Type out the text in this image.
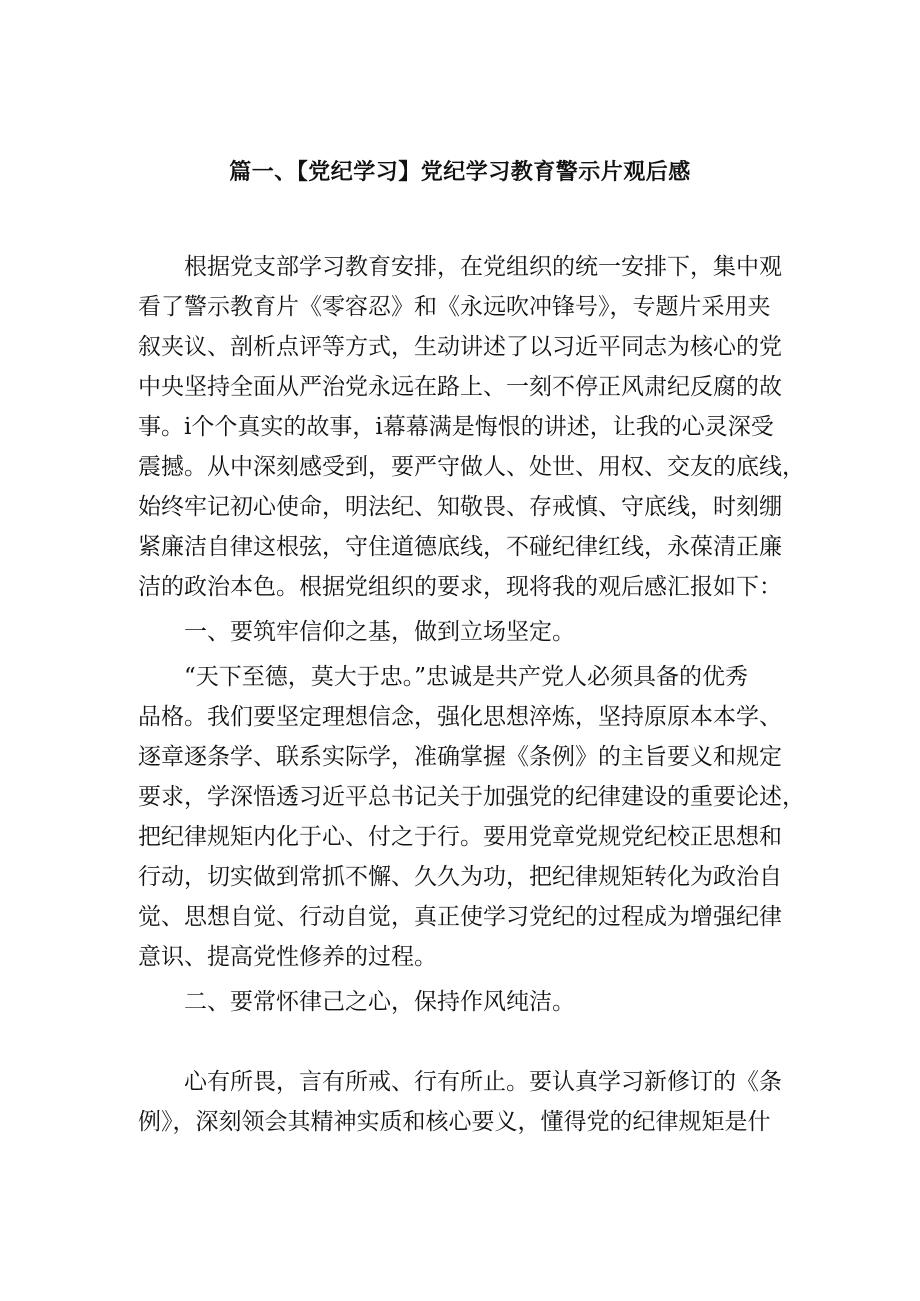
篇一、【党纪学习】党纪学习教育警示片观后感
　　根据党支部学习教育安排，在党组织的统一安排下，集中观
看了警示教育片《零容忍》和《永远吹冲锋号》，专题片采用夹
叙夹议、剖析点评等方式，生动讲述了以习近平同志为核心的党
中央坚持全面从严治党永远在路上、一刻不停正风肃纪反腐的故
事。i个个真实的故事，i幕幕满是悔恨的讲述，让我的心灵深受
震撼。从中深刻感受到，要严守做人、处世、用权、交友的底线，
始终牢记初心使命，明法纪、知敬畏、存戒慎、守底线，时刻绷
紧廉洁自律这根弦，守住道德底线，不碰纪律红线，永葆清正廉
洁的政治本色。根据党组织的要求，现将我的观后感汇报如下：
　　一、要筑牢信仰之基，做到立场坚定。
　　“天下至德，莫大于忠。”忠诚是共产党人必须具备的优秀
品格。我们要坚定理想信念，强化思想淬炼，坚持原原本本学、
逐章逐条学、联系实际学，准确掌握《条例》的主旨要义和规定
要求，学深悟透习近平总书记关于加强党的纪律建设的重要论述，
把纪律规矩内化于心、付之于行。要用党章党规党纪校正思想和
行动，切实做到常抓不懈、久久为功，把纪律规矩转化为政治自
觉、思想自觉、行动自觉，真正使学习党纪的过程成为增强纪律
意识、提高党性修养的过程。
　　二、要常怀律己之心，保持作风纯洁。
　　心有所畏，言有所戒、行有所止。要认真学习新修订的《条
例》，深刻领会其精神实质和核心要义，懂得党的纪律规矩是什
